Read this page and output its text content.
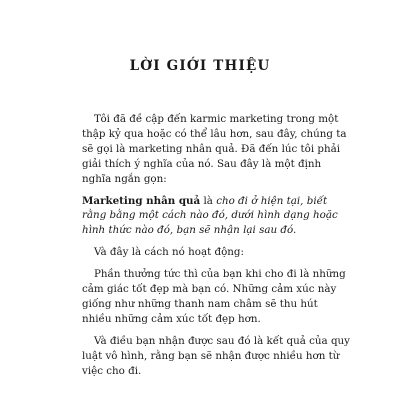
LỜI GIỚI THIỆU

Tôi đã đề cập đến karmic marketing trong một thập kỷ qua hoặc có thể lâu hơn, sau đây, chúng ta sẽ gọi là marketing nhân quả. Đã đến lúc tôi phải giải thích ý nghĩa của nó. Sau đây là một định nghĩa ngắn gọn:

Marketing nhân quả là cho đi ở hiện tại, biết rằng bằng một cách nào đó, dưới hình dạng hoặc hình thức nào đó, bạn sẽ nhận lại sau đó.

Và đây là cách nó hoạt động:

Phần thưởng tức thì của bạn khi cho đi là những cảm giác tốt đẹp mà bạn có. Những cảm xúc này giống như những thanh nam châm sẽ thu hút nhiều những cảm xúc tốt đẹp hơn.

Và điều bạn nhận được sau đó là kết quả của quy luật vô hình, rằng bạn sẽ nhận được nhiều hơn từ việc cho đi.
